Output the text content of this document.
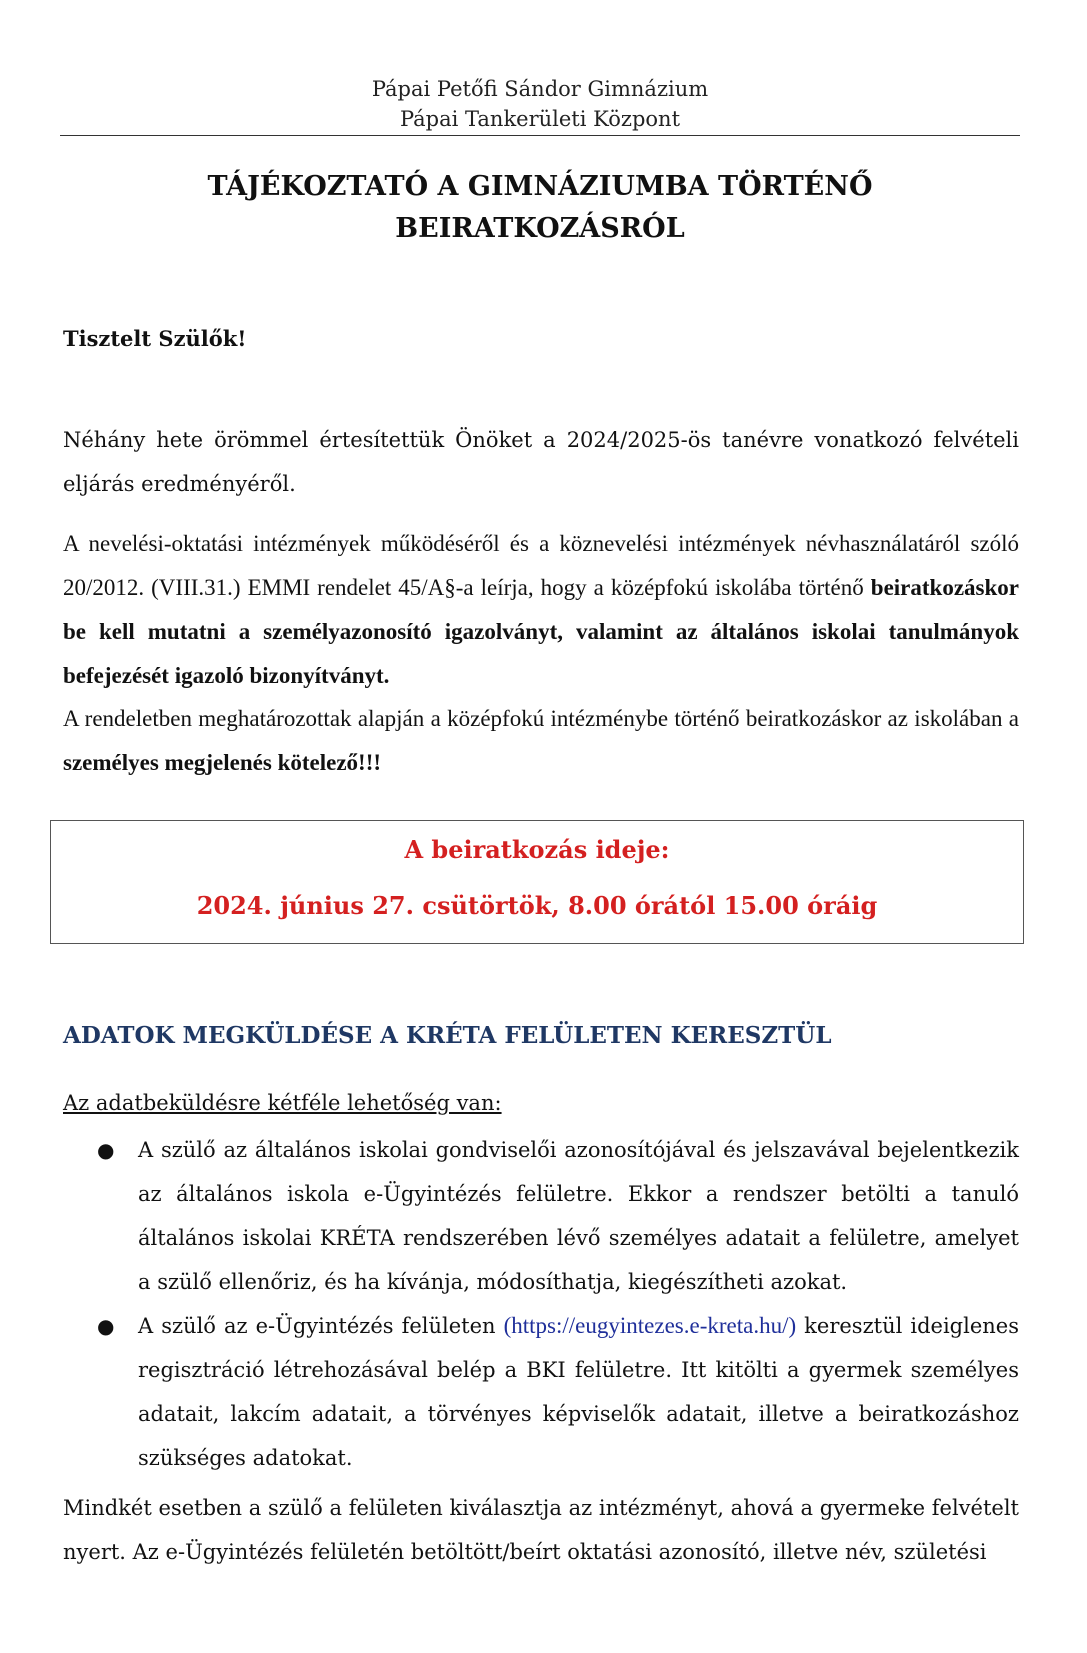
Pápai Petőfi Sándor Gimnázium
Pápai Tankerületi Központ
TÁJÉKOZTATÓ A GIMNÁZIUMBA TÖRTÉNŐ
BEIRATKOZÁSRÓL
Tisztelt Szülők!
Néhány hete örömmel értesítettük Önöket a 2024/2025-ös tanévre vonatkozó felvételi eljárás eredményéről.
A nevelési-oktatási intézmények működéséről és a köznevelési intézmények névhasználatáról szóló 20/2012. (VIII.31.) EMMI rendelet 45/A§-a leírja, hogy a középfokú iskolába történő beiratkozáskor be kell mutatni a személyazonosító igazolványt, valamint az általános iskolai tanulmányok befejezését igazoló bizonyítványt.
A rendeletben meghatározottak alapján a középfokú intézménybe történő beiratkozáskor az iskolában a személyes megjelenés kötelező!!!
A beiratkozás ideje:
2024. június 27. csütörtök, 8.00 órától 15.00 óráig
ADATOK MEGKÜLDÉSE A KRÉTA FELÜLETEN KERESZTÜL
Az adatbeküldésre kétféle lehetőség van:
● A szülő az általános iskolai gondviselői azonosítójával és jelszavával bejelentkezik az általános iskola e-Ügyintézés felületre. Ekkor a rendszer betölti a tanuló általános iskolai KRÉTA rendszerében lévő személyes adatait a felületre, amelyet a szülő ellenőriz, és ha kívánja, módosíthatja, kiegészítheti azokat.
● A szülő az e-Ügyintézés felületen (https://eugyintezes.e-kreta.hu/) keresztül ideiglenes regisztráció létrehozásával belép a BKI felületre. Itt kitölti a gyermek személyes adatait, lakcím adatait, a törvényes képviselők adatait, illetve a beiratkozáshoz szükséges adatokat.
Mindkét esetben a szülő a felületen kiválasztja az intézményt, ahová a gyermeke felvételt nyert. Az e-Ügyintézés felületén betöltött/beírt oktatási azonosító, illetve név, születési
